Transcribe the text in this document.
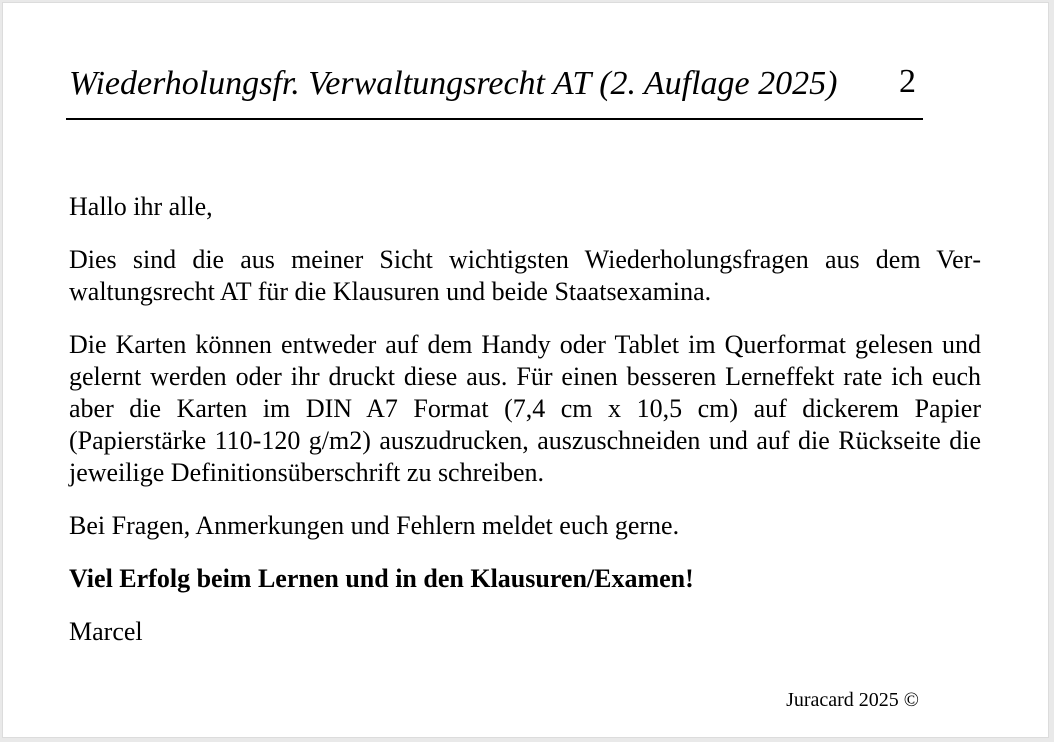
Wiederholungsfr. Verwaltungsrecht AT (2. Auflage 2025) 2

Hallo ihr alle,

Dies sind die aus meiner Sicht wichtigsten Wiederholungsfragen aus dem Verwaltungsrecht AT für die Klausuren und beide Staatsexamina.

Die Karten können entweder auf dem Handy oder Tablet im Querformat gelesen und gelernt werden oder ihr druckt diese aus. Für einen besseren Lerneffekt rate ich euch aber die Karten im DIN A7 Format (7,4 cm x 10,5 cm) auf dickerem Papier (Papierstärke 110-120 g/m2) auszudrucken, auszuschneiden und auf die Rückseite die jeweilige Definitionsüberschrift zu schreiben.

Bei Fragen, Anmerkungen und Fehlern meldet euch gerne.

Viel Erfolg beim Lernen und in den Klausuren/Examen!

Marcel

Juracard 2025 ©
